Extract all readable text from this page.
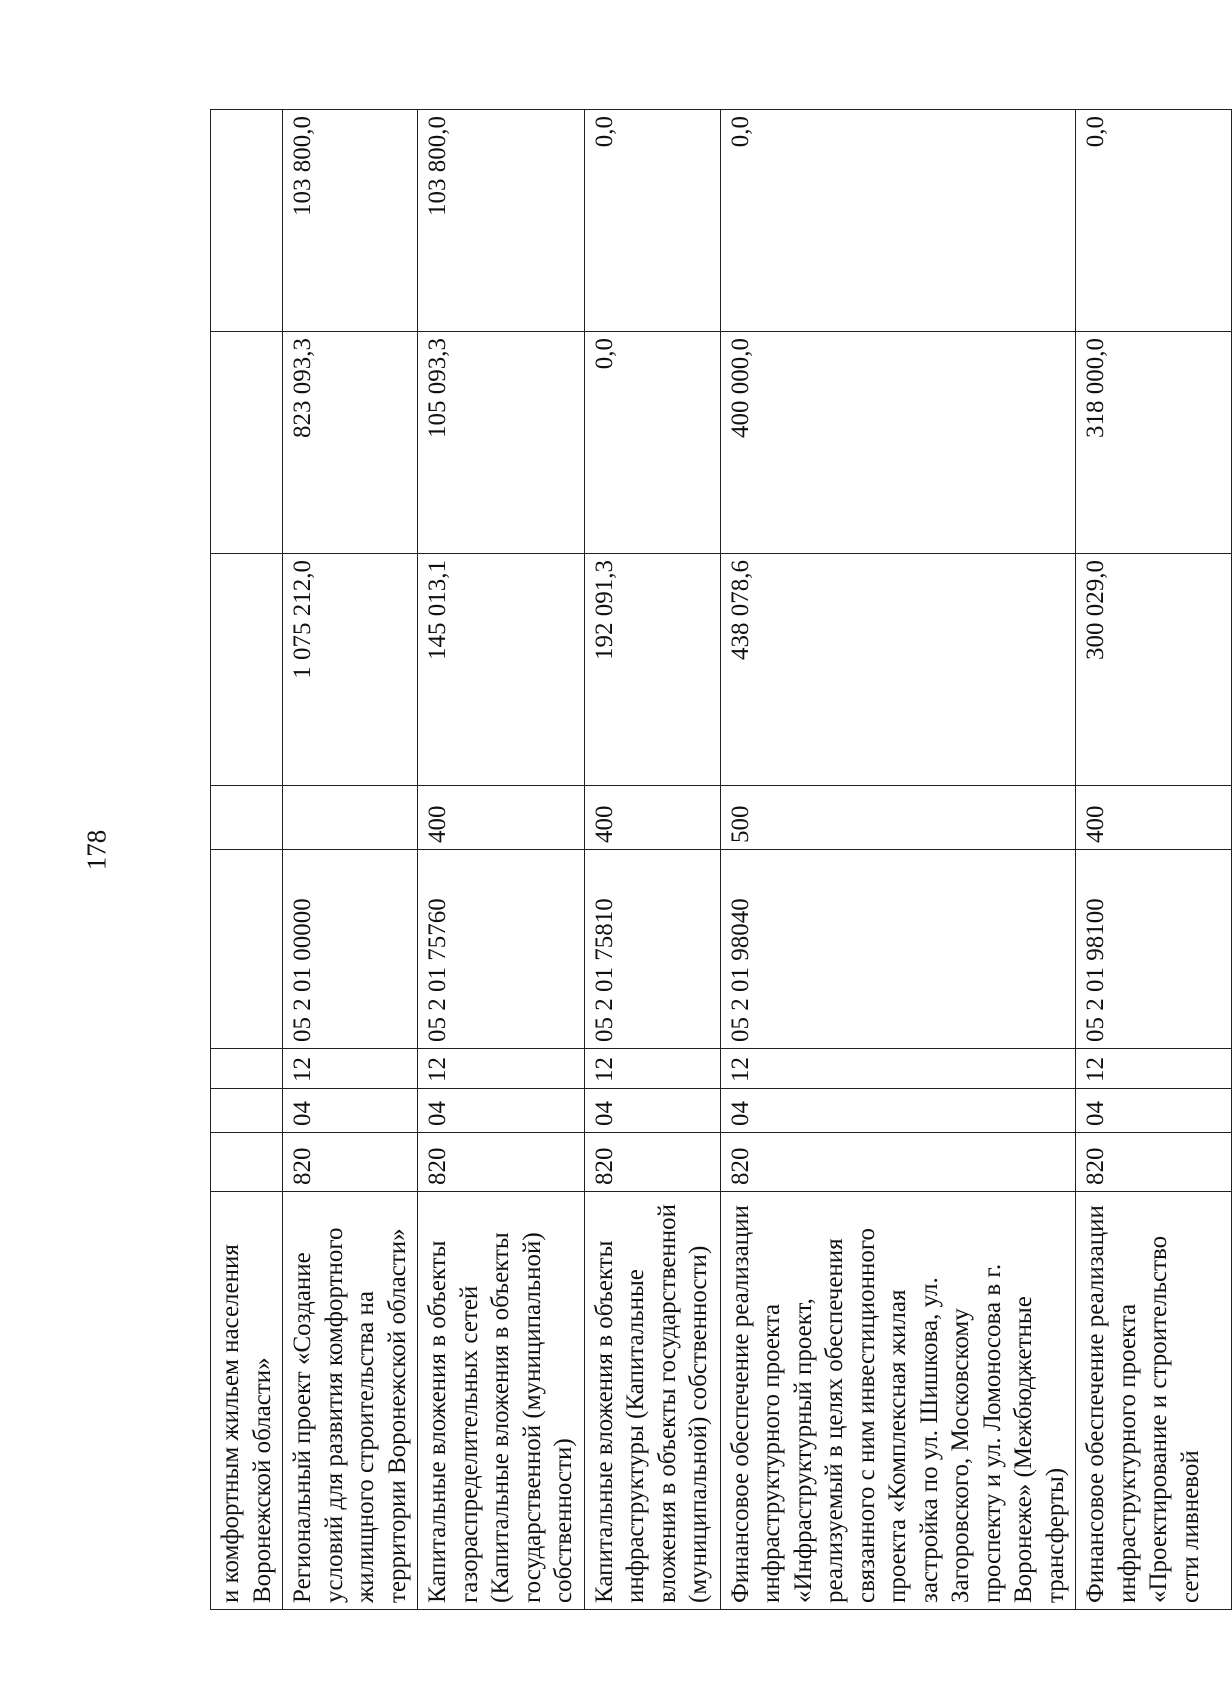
178
и комфортным жильем населения Воронежской области»								
Региональный проект «Создание условий для развития комфортного жилищного строительства на территории Воронежской области»	820	04	12	05 2 01 00000		1 075 212,0	823 093,3	103 800,0
Капитальные вложения в объекты газораспределительных сетей (Капитальные вложения в объекты государственной (муниципальной) собственности)	820	04	12	05 2 01 75760	400	145 013,1	105 093,3	103 800,0
Капитальные вложения в объекты инфраструктуры (Капитальные вложения в объекты государственной (муниципальной) собственности)	820	04	12	05 2 01 75810	400	192 091,3	0,0	0,0
Финансовое обеспечение реализации инфраструктурного проекта «Инфраструктурный проект, реализуемый в целях обеспечения связанного с ним инвестиционного проекта «Комплексная жилая застройка по ул. Шишкова, ул. Загоровского, Московскому проспекту и ул. Ломоносова в г. Воронеже» (Межбюджетные трансферты)	820	04	12	05 2 01 98040	500	438 078,6	400 000,0	0,0
Финансовое обеспечение реализации инфраструктурного проекта «Проектирование и строительство сети ливневой	820	04	12	05 2 01 98100	400	300 029,0	318 000,0	0,0
